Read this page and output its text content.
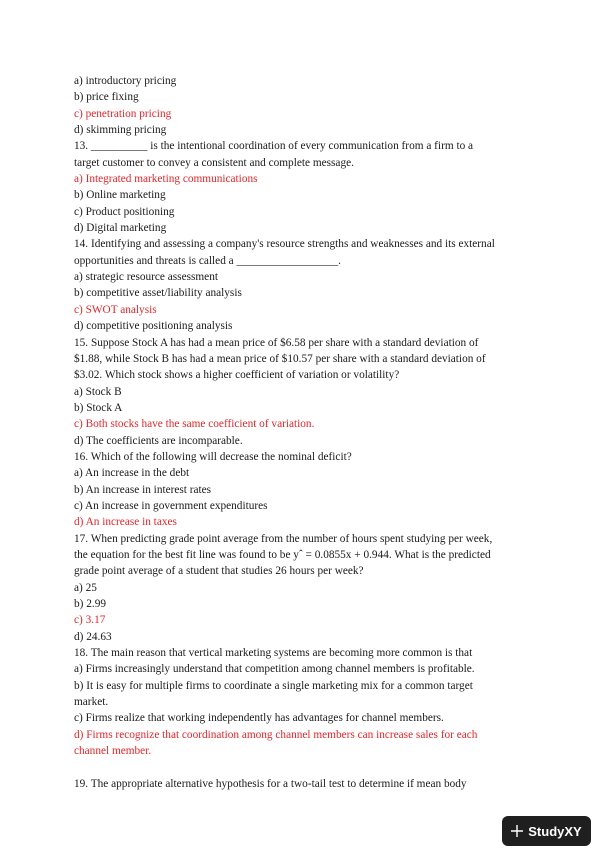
a) introductory pricing
b) price fixing
c) penetration pricing
d) skimming pricing
13. __________ is the intentional coordination of every communication from a firm to a
target customer to convey a consistent and complete message.
a) Integrated marketing communications
b) Online marketing
c) Product positioning
d) Digital marketing
14. Identifying and assessing a company's resource strengths and weaknesses and its external
opportunities and threats is called a __________________.
a) strategic resource assessment
b) competitive asset/liability analysis
c) SWOT analysis
d) competitive positioning analysis
15. Suppose Stock A has had a mean price of $6.58 per share with a standard deviation of
$1.88, while Stock B has had a mean price of $10.57 per share with a standard deviation of
$3.02. Which stock shows a higher coefficient of variation or volatility?
a) Stock B
b) Stock A
c) Both stocks have the same coefficient of variation.
d) The coefficients are incomparable.
16. Which of the following will decrease the nominal deficit?
a) An increase in the debt
b) An increase in interest rates
c) An increase in government expenditures
d) An increase in taxes
17. When predicting grade point average from the number of hours spent studying per week,
the equation for the best fit line was found to be yˆ = 0.0855x + 0.944. What is the predicted
grade point average of a student that studies 26 hours per week?
a) 25
b) 2.99
c) 3.17
d) 24.63
18. The main reason that vertical marketing systems are becoming more common is that
a) Firms increasingly understand that competition among channel members is profitable.
b) It is easy for multiple firms to coordinate a single marketing mix for a common target
market.
c) Firms realize that working independently has advantages for channel members.
d) Firms recognize that coordination among channel members can increase sales for each
channel member.
19. The appropriate alternative hypothesis for a two-tail test to determine if mean body
StudyXY
